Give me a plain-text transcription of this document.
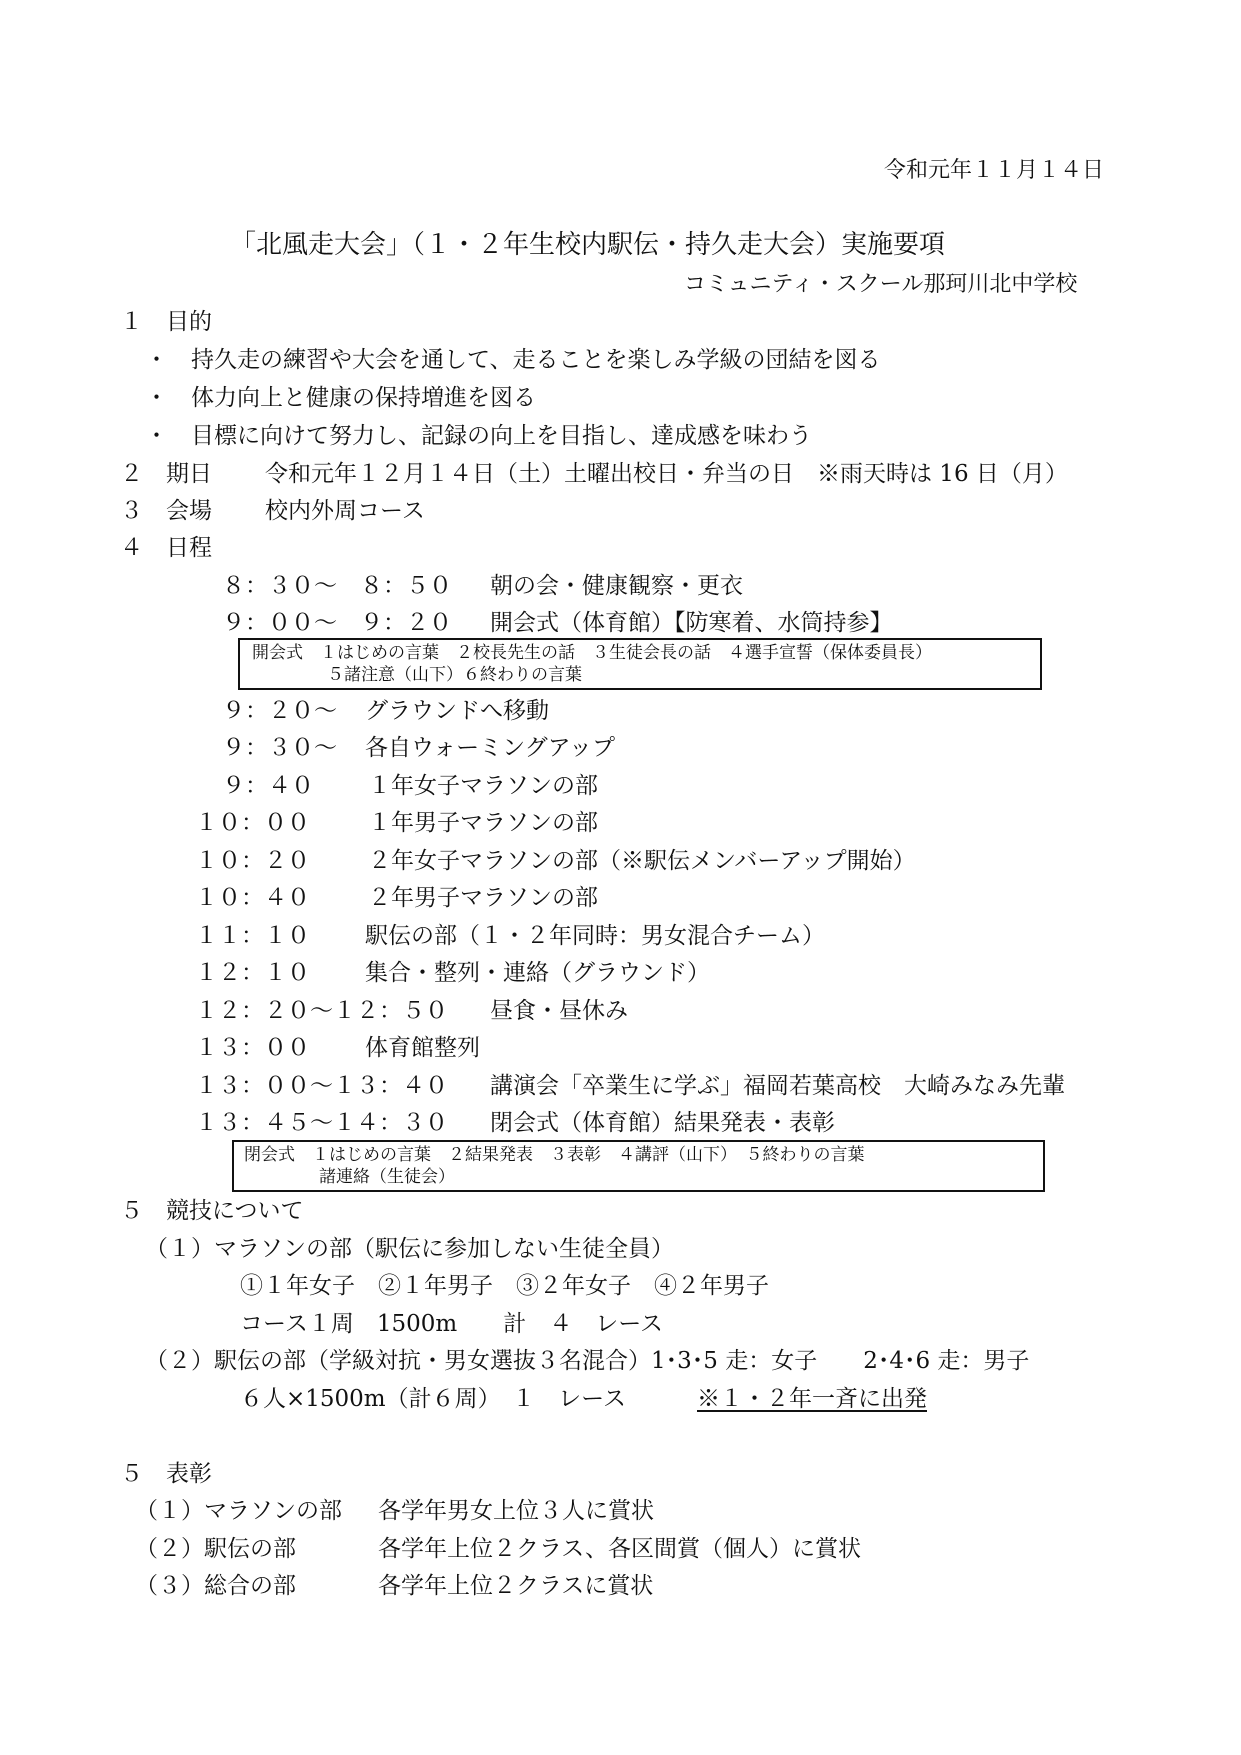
令和元年１１月１４日
「北風走大会」（１・２年生校内駅伝・持久走大会）実施要項
コミュニティ・スクール那珂川北中学校
１　目的
・　持久走の練習や大会を通して、走ることを楽しみ学級の団結を図る
・　体力向上と健康の保持増進を図る
・　目標に向けて努力し、記録の向上を目指し、達成感を味わう
２　期日 令和元年１２月１４日（土）土曜出校日・弁当の日　※雨天時は 16 日（月）
３　会場 校内外周コース
４　日程
８：３０〜　８：５０ 朝の会・健康観察・更衣
９：００〜　９：２０ 開会式（体育館）【防寒着、水筒持参】
開会式　１はじめの言葉　２校長先生の話　３生徒会長の話　４選手宣誓（保体委員長）
５諸注意（山下）６終わりの言葉
９：２０〜 グラウンドへ移動
９：３０〜 各自ウォーミングアップ
９：４０ １年女子マラソンの部
１０：００	１年男子マラソンの部
１０：２０	２年女子マラソンの部（※駅伝メンバーアップ開始）
１０：４０	２年男子マラソンの部
１１：１０ 駅伝の部（１・２年同時：男女混合チーム）
１２：１０ 集合・整列・連絡（グラウンド）
１２：２０〜１２：５０ 昼食・昼休み
１３：００ 体育館整列
１３：００〜１３：４０ 講演会「卒業生に学ぶ」福岡若葉高校　大崎みなみ先輩
１３：４５〜１４：３０ 閉会式（体育館）結果発表・表彰
閉会式　１はじめの言葉　２結果発表　３表彰　４講評（山下）　５終わりの言葉
諸連絡（生徒会）
５　競技について
（１）マラソンの部（駅伝に参加しない生徒全員）
①１年女子　②１年男子　③２年女子　④２年男子
コース１周　1500m　　計　４　レース
（２）駅伝の部（学級対抗・男女選抜３名混合）1･3･5 走：女子　　2･4･6 走：男子
６人×1500m（計６周）　１　レース	※１・２年一斉に出発
５　表彰
（１）マラソンの部 各学年男女上位３人に賞状
（２）駅伝の部	各学年上位２クラス、各区間賞（個人）に賞状
（３）総合の部	各学年上位２クラスに賞状
